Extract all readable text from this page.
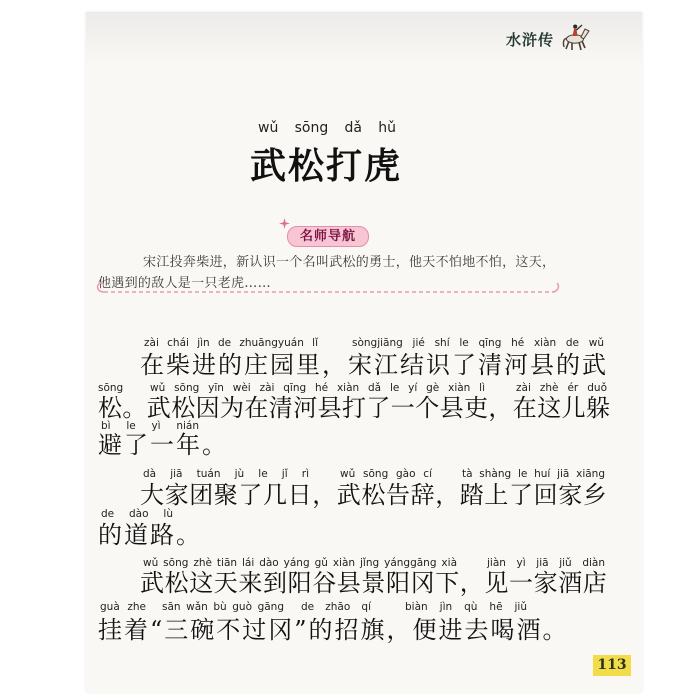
水浒传
wǔ sōng dǎ hǔ
武松打虎
名师导航
宋江投奔柴进，新认识一个名叫武松的勇士，他天不怕地不怕，这天，
他遇到的敌人是一只老虎……
zài chái jìn de zhuāngyuán lǐ	sòngjiāng jié shí le qīng hé xiàn de wǔ
在柴进的庄园里，宋江结识了清河县的武
sōng	wǔ sōng yīn wèi zài qīng hé xiàn dǎ le yí gè xiàn lì	zài zhè ér duǒ
松。武松因为在清河县打了一个县吏，在这儿躲
bì le yì nián
避了一年。
dà jiā tuán jù le jǐ rì	wǔ sōng gào cí	tà shàng le huí jiā xiāng
大家团聚了几日，武松告辞，踏上了回家乡
de dào lù
的道路。
wǔ sōng zhè tiān lái dào yáng gǔ xiàn jǐng yánggāng xià	jiàn yì jiā jiǔ diàn
武松这天来到阳谷县景阳冈下，见一家酒店
guà zhe sān wǎn bù guò gāng de zhāo qí	biàn jìn qù hē jiǔ
挂着“三碗不过冈”的招旗，便进去喝酒。
113
